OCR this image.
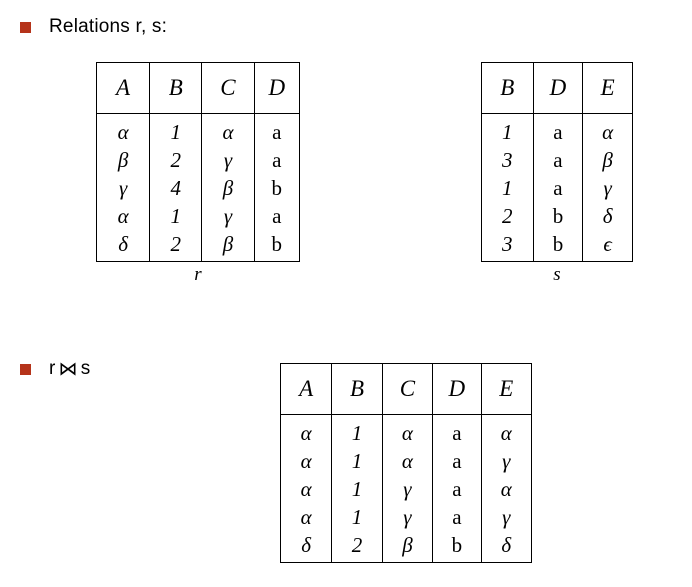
Relations r, s:
A	B	C	D
α	1	α	a
β	2	γ	a
γ	4	β	b
α	1	γ	a
δ	2	β	b
r
B	D	E
1	a	α
3	a	β
1	a	γ
2	b	δ
3	b	ϵ
s
r ⋈ s
A	B	C	D	E
α	1	α	a	α
α	1	α	a	γ
α	1	γ	a	α
α	1	γ	a	γ
δ	2	β	b	δ
